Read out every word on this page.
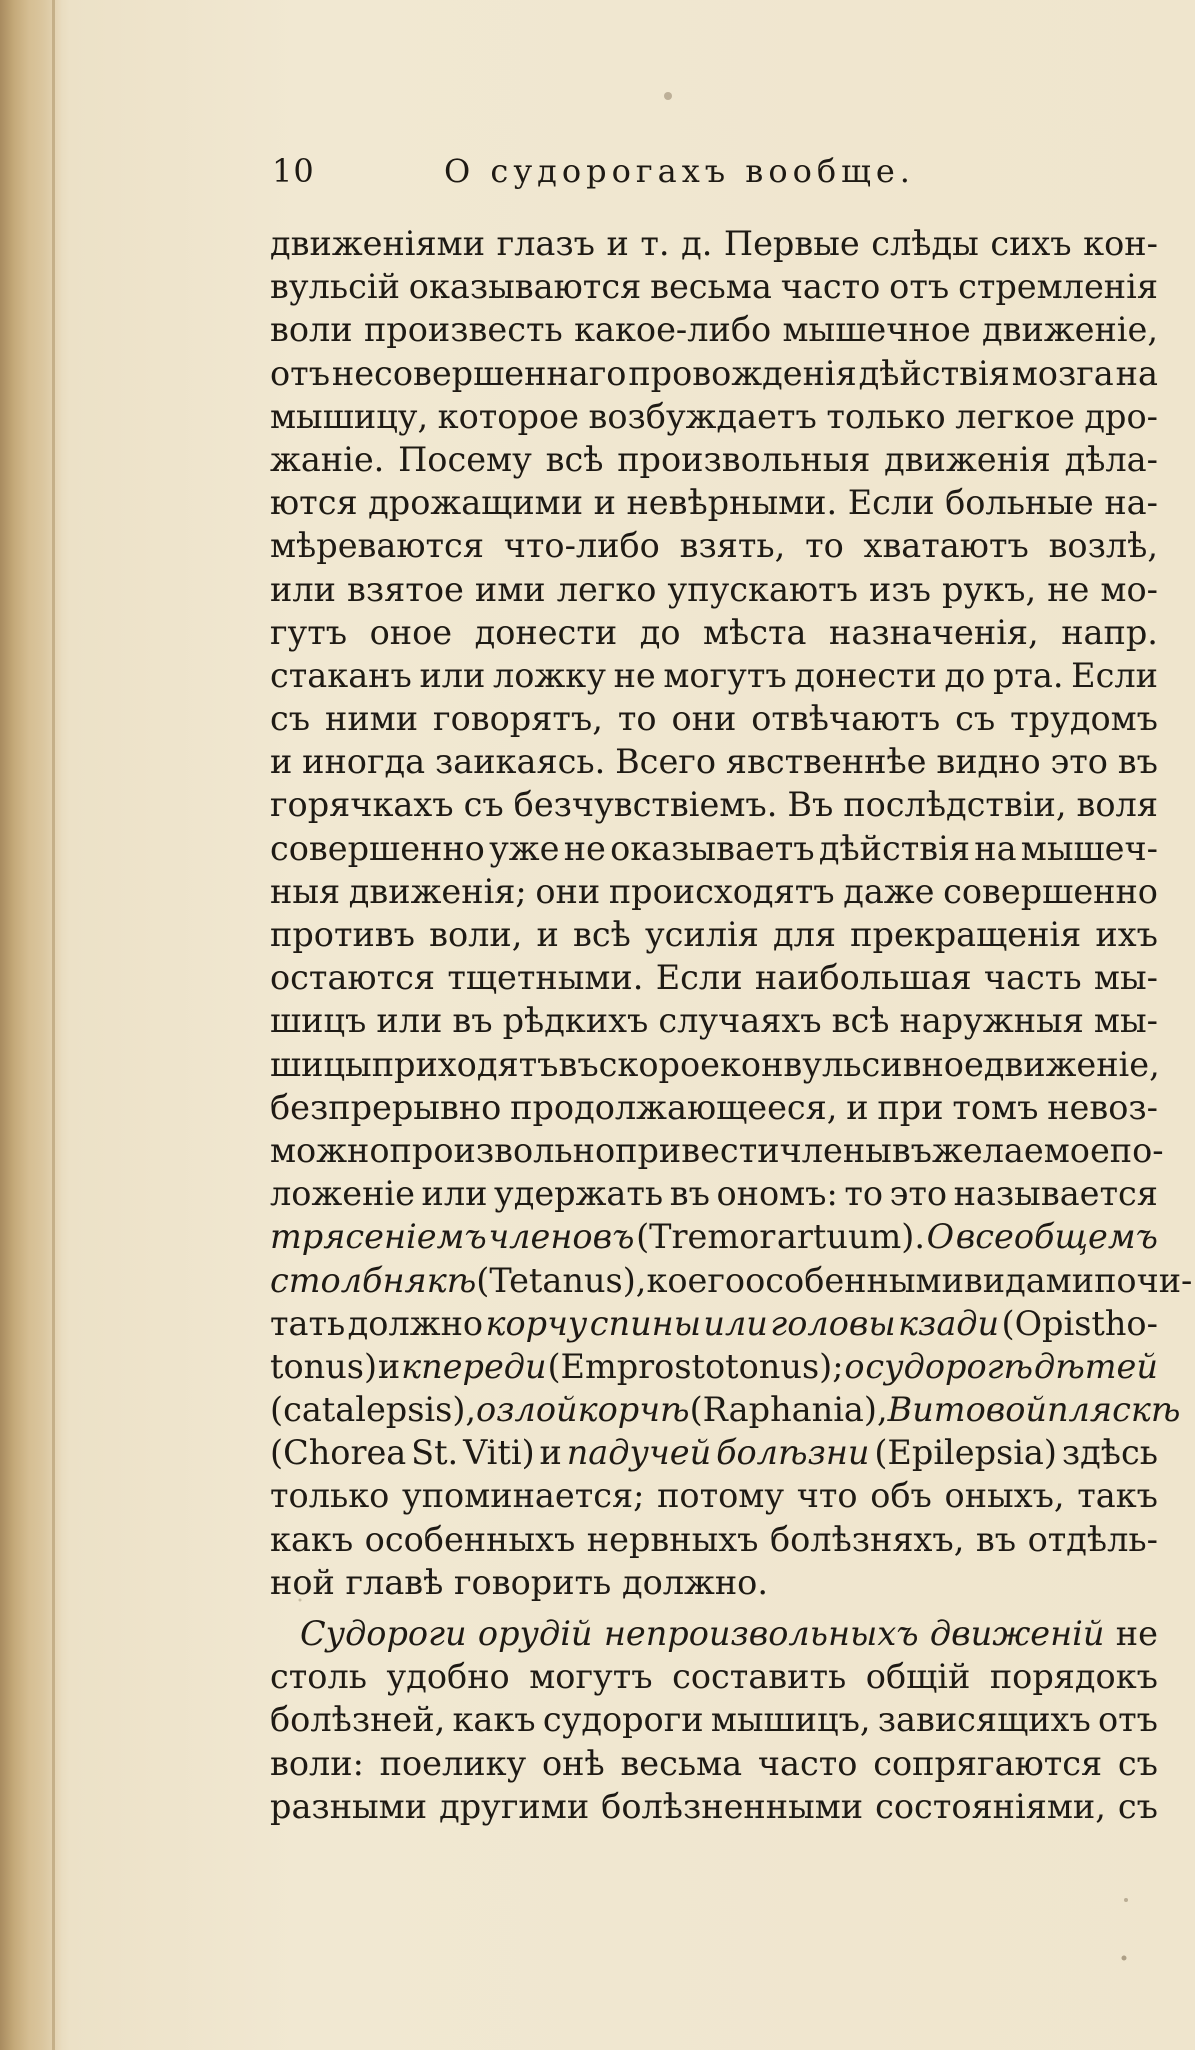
10	О судорогахъ вообще.
движеніями глазъ и т. д. Первые слѣды сихъ кон-
вульсій оказываются весьма часто отъ стремленія
воли произвесть какое-либо мышечное движеніе,
отъ несовершеннаго провожденія дѣйствія мозга на
мышицу, которое возбуждаетъ только легкое дро-
жаніе. Посему всѣ произвольныя движенія дѣла-
ются дрожащими и невѣрными. Если больные на-
мѣреваются что-либо взять, то хватаютъ возлѣ,
или взятое ими легко упускаютъ изъ рукъ, не мо-
гутъ оное донести до мѣста назначенія, напр.
стаканъ или ложку не могутъ донести до рта. Если
съ ними говорятъ, то они отвѣчаютъ съ трудомъ
и иногда заикаясь. Всего явственнѣе видно это въ
горячкахъ съ безчувствіемъ. Въ послѣдствіи, воля
совершенно уже не оказываетъ дѣйствія на мышеч-
ныя движенія; они происходятъ даже совершенно
противъ воли, и всѣ усилія для прекращенія ихъ
остаются тщетными. Если наибольшая часть мы-
шицъ или въ рѣдкихъ случаяхъ всѣ наружныя мы-
шицы приходятъ въ скорое конвульсивное движеніе,
безпрерывно продолжающееся, и при томъ невоз-
можно произвольно привести члены въ желаемое по-
ложеніе или удержать въ ономъ: то это называется
трясеніемъ членовъ (Tremor artuum). О всеобщемъ
столбнякѣ (Tetanus), коего особенными видами почи-
тать должно корчу спины или головы кзади (Opistho-
tonus) и кпереди (Emprostotonus); о судорогѣ дѣтей
(catalepsis), о злой корчѣ (Raphania), Витовой пляскѣ
(Chorea St. Viti) и падучей болѣзни (Epilepsia) здѣсь
только упоминается; потому что объ оныхъ, такъ
какъ особенныхъ нервныхъ болѣзняхъ, въ отдѣль-
ной главѣ говорить должно.
Судороги орудій непроизвольныхъ движеній не
столь удобно могутъ составить общій порядокъ
болѣзней, какъ судороги мышицъ, зависящихъ отъ
воли: поелику онѣ весьма часто сопрягаются съ
разными другими болѣзненными состояніями, съ
